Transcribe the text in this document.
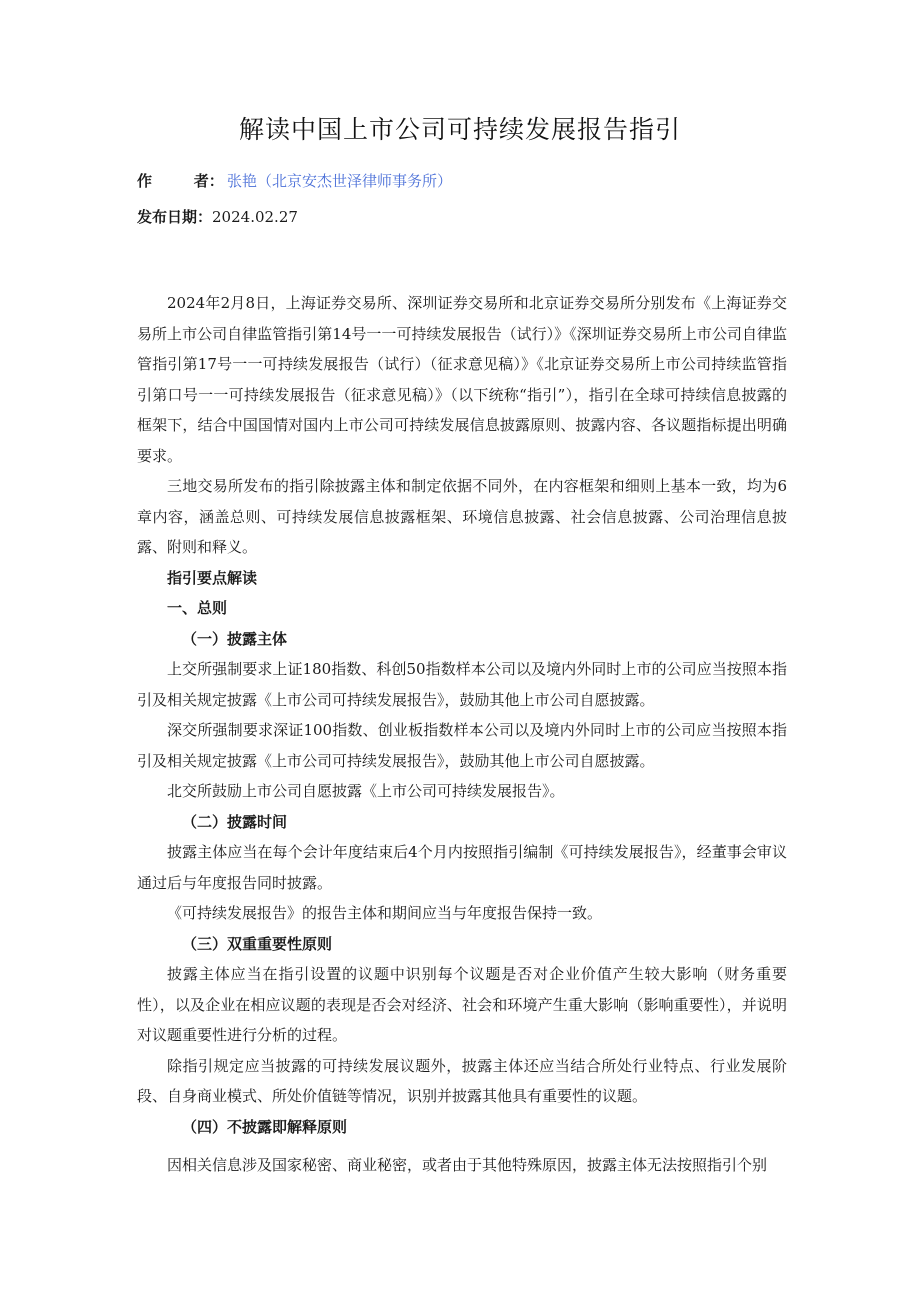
解读中国上市公司可持续发展报告指引
作        者： 张艳（北京安杰世泽律师事务所）
发布日期：2024.02.27

2024年2月8日，上海证券交易所、深圳证券交易所和北京证券交易所分别发布《上海证券交易所上市公司自律监管指引第14号一一可持续发展报告（试行）》《深圳证券交易所上市公司自律监管指引第17号一一可持续发展报告（试行）（征求意见稿）》《北京证券交易所上市公司持续监管指引第口号一一可持续发展报告（征求意见稿）》（以下统称“指引”），指引在全球可持续信息披露的框架下，结合中国国情对国内上市公司可持续发展信息披露原则、披露内容、各议题指标提出明确要求。

三地交易所发布的指引除披露主体和制定依据不同外，在内容框架和细则上基本一致，均为6章内容，涵盖总则、可持续发展信息披露框架、环境信息披露、社会信息披露、公司治理信息披露、附则和释义。

指引要点解读

一、总则

（一）披露主体

上交所强制要求上证180指数、科创50指数样本公司以及境内外同时上市的公司应当按照本指引及相关规定披露《上市公司可持续发展报告》，鼓励其他上市公司自愿披露。

深交所强制要求深证100指数、创业板指数样本公司以及境内外同时上市的公司应当按照本指引及相关规定披露《上市公司可持续发展报告》，鼓励其他上市公司自愿披露。

北交所鼓励上市公司自愿披露《上市公司可持续发展报告》。

（二）披露时间

披露主体应当在每个会计年度结束后4个月内按照指引编制《可持续发展报告》，经董事会审议通过后与年度报告同时披露。

《可持续发展报告》的报告主体和期间应当与年度报告保持一致。

（三）双重重要性原则

披露主体应当在指引设置的议题中识别每个议题是否对企业价值产生较大影响（财务重要性），以及企业在相应议题的表现是否会对经济、社会和环境产生重大影响（影响重要性），并说明对议题重要性进行分析的过程。

除指引规定应当披露的可持续发展议题外，披露主体还应当结合所处行业特点、行业发展阶段、自身商业模式、所处价值链等情况，识别并披露其他具有重要性的议题。

（四）不披露即解释原则

因相关信息涉及国家秘密、商业秘密，或者由于其他特殊原因，披露主体无法按照指引个别
